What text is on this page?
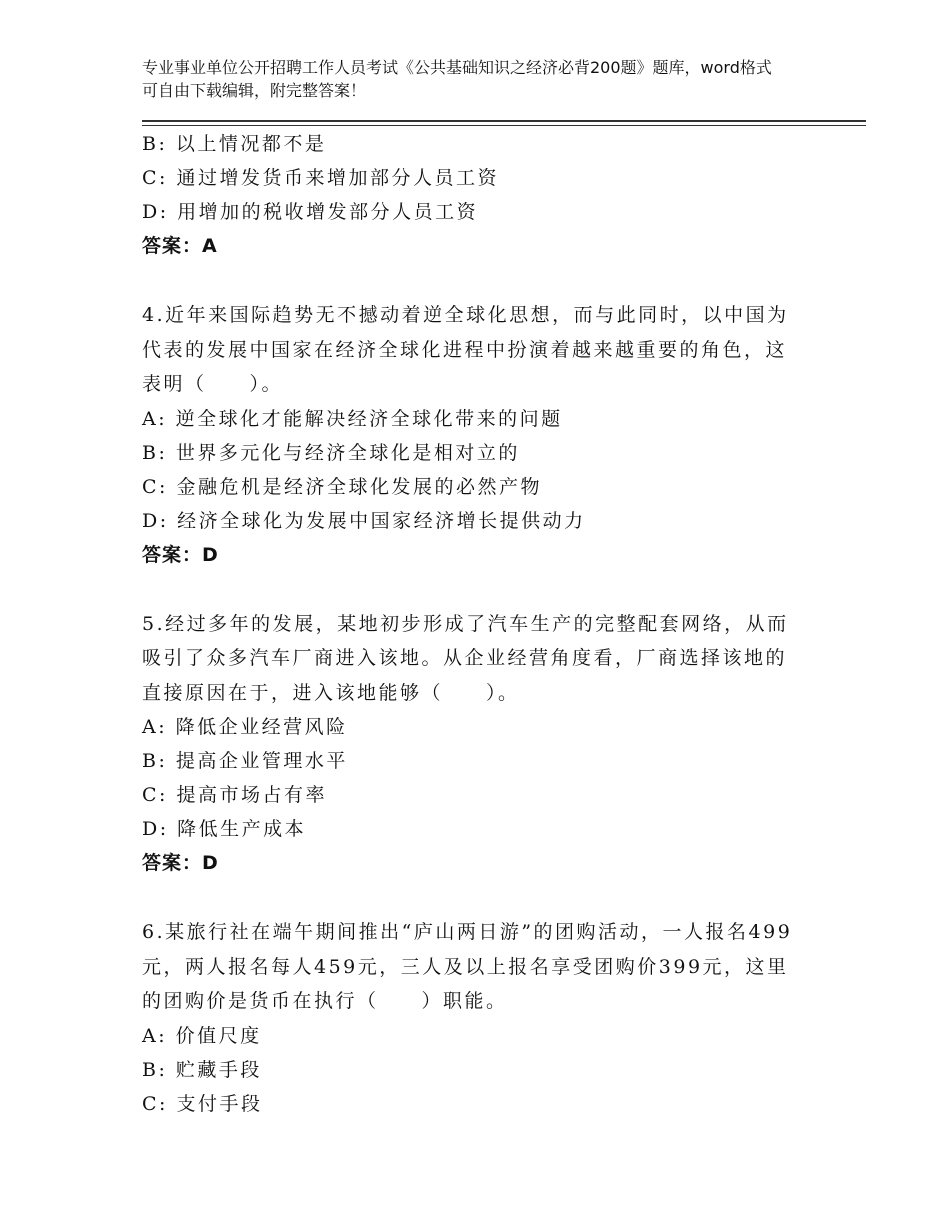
专业事业单位公开招聘工作人员考试《公共基础知识之经济必背200题》题库，word格式可自由下载编辑，附完整答案！
B: 以上情况都不是
C: 通过增发货币来增加部分人员工资
D: 用增加的税收增发部分人员工资
答案：A
4.近年来国际趋势无不撼动着逆全球化思想，而与此同时，以中国为代表的发展中国家在经济全球化进程中扮演着越来越重要的角色，这表明（　　）。
A: 逆全球化才能解决经济全球化带来的问题
B: 世界多元化与经济全球化是相对立的
C: 金融危机是经济全球化发展的必然产物
D: 经济全球化为发展中国家经济增长提供动力
答案：D
5.经过多年的发展，某地初步形成了汽车生产的完整配套网络，从而吸引了众多汽车厂商进入该地。从企业经营角度看，厂商选择该地的直接原因在于，进入该地能够（　　）。
A: 降低企业经营风险
B: 提高企业管理水平
C: 提高市场占有率
D: 降低生产成本
答案：D
6.某旅行社在端午期间推出“庐山两日游”的团购活动，一人报名499元，两人报名每人459元，三人及以上报名享受团购价399元，这里的团购价是货币在执行（　　）职能。
A: 价值尺度
B: 贮藏手段
C: 支付手段
